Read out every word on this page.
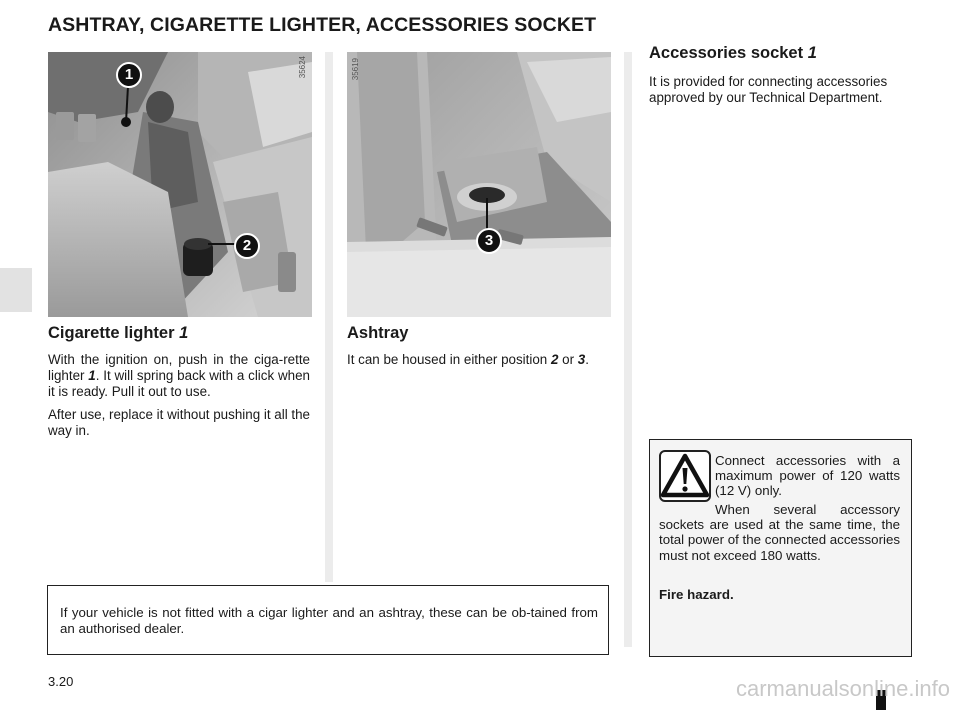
ASHTRAY, CIGARETTE LIGHTER, ACCESSORIES SOCKET
35624
1
2
35619
3
Cigarette lighter 1

With the ignition on, push in the ciga-rette lighter 1. It will spring back with a click when it is ready. Pull it out to use.

After use, replace it without pushing it all the way in.

Ashtray

It can be housed in either position 2 or 3.

Accessories socket 1

It is provided for connecting accessories approved by our Technical Department.

If your vehicle is not fitted with a cigar lighter and an ashtray, these can be ob-tained from an authorised dealer.
Connect accessories with a maximum power of 120 watts (12 V) only.
When several accessory sockets are used at the same time, the total power of the connected accessories must not exceed 180 watts.
Fire hazard.
3.20	carmanualsonline.info
